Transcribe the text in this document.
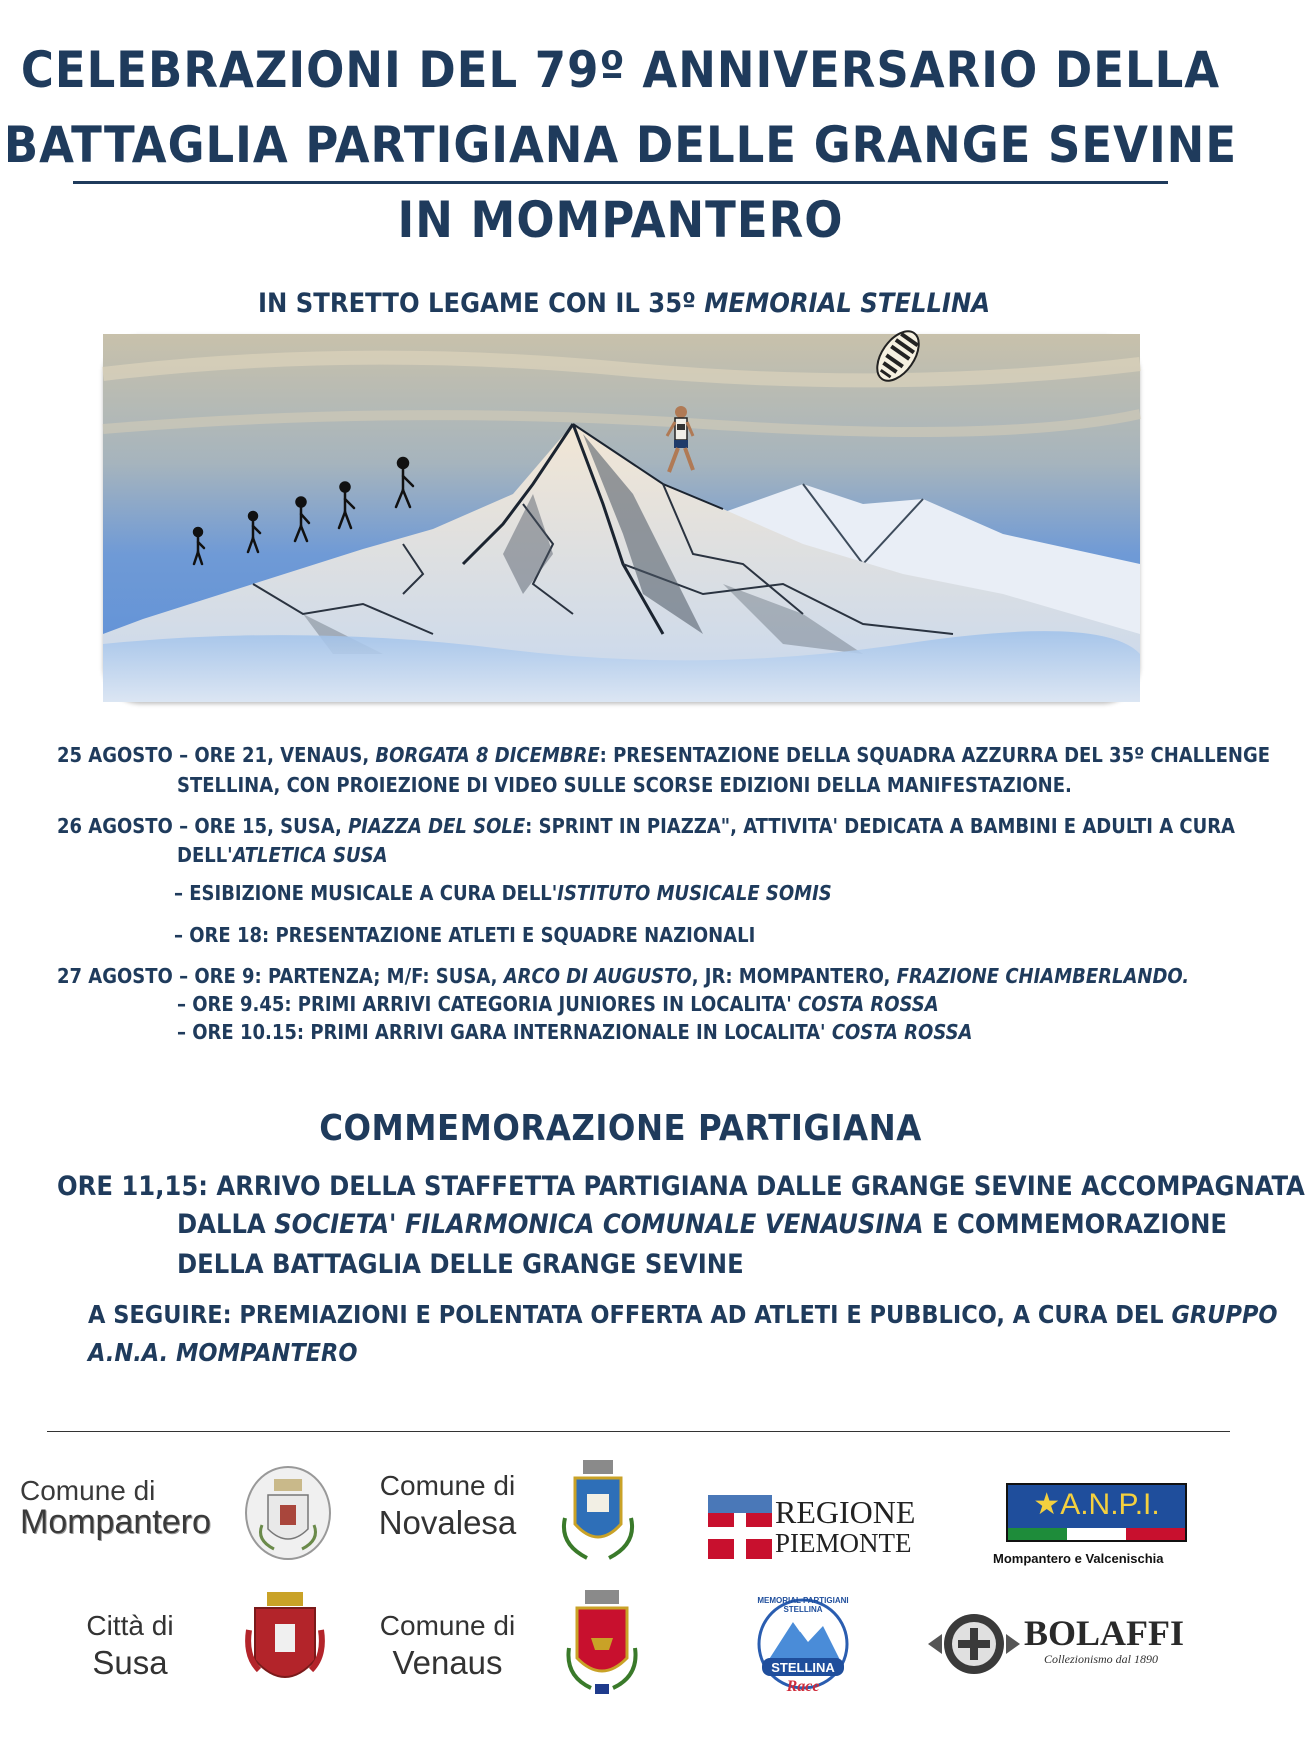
CELEBRAZIONI DEL 79º ANNIVERSARIO DELLA
BATTAGLIA PARTIGIANA DELLE GRANGE SEVINE
IN MOMPANTERO
IN STRETTO LEGAME CON IL 35º MEMORIAL STELLINA
25 AGOSTO – ORE 21, VENAUS, BORGATA 8 DICEMBRE: PRESENTAZIONE DELLA SQUADRA AZZURRA DEL 35º CHALLENGE
STELLINA, CON PROIEZIONE DI VIDEO SULLE SCORSE EDIZIONI DELLA MANIFESTAZIONE.
26 AGOSTO – ORE 15, SUSA, PIAZZA DEL SOLE: SPRINT IN PIAZZA", ATTIVITA' DEDICATA A BAMBINI E ADULTI A CURA
DELL'ATLETICA SUSA
– ESIBIZIONE MUSICALE A CURA DELL'ISTITUTO MUSICALE SOMIS
– ORE 18: PRESENTAZIONE ATLETI E SQUADRE NAZIONALI
27 AGOSTO – ORE 9: PARTENZA; M/F: SUSA, ARCO DI AUGUSTO, JR: MOMPANTERO, FRAZIONE CHIAMBERLANDO.
– ORE 9.45: PRIMI ARRIVI CATEGORIA JUNIORES IN LOCALITA' COSTA ROSSA
– ORE 10.15: PRIMI ARRIVI GARA INTERNAZIONALE IN LOCALITA' COSTA ROSSA
COMMEMORAZIONE PARTIGIANA
ORE 11,15: ARRIVO DELLA STAFFETTA PARTIGIANA DALLE GRANGE SEVINE ACCOMPAGNATA
DALLA SOCIETA' FILARMONICA COMUNALE VENAUSINA E COMMEMORAZIONE
DELLA BATTAGLIA DELLE GRANGE SEVINE
A SEGUIRE: PREMIAZIONI E POLENTATA OFFERTA AD ATLETI E PUBBLICO, A CURA DEL GRUPPO
A.N.A. MOMPANTERO
Comune di
Mompantero
Comune di
Novalesa	REGIONE
PIEMONTE
★A.N.P.I.
Mompantero e Valcenischia
Città di
Susa
Comune di
Venaus
MEMORIAL PARTIGIANI STELLINA
STELLINA
Race
BOLAFFI
Collezionismo dal 1890
